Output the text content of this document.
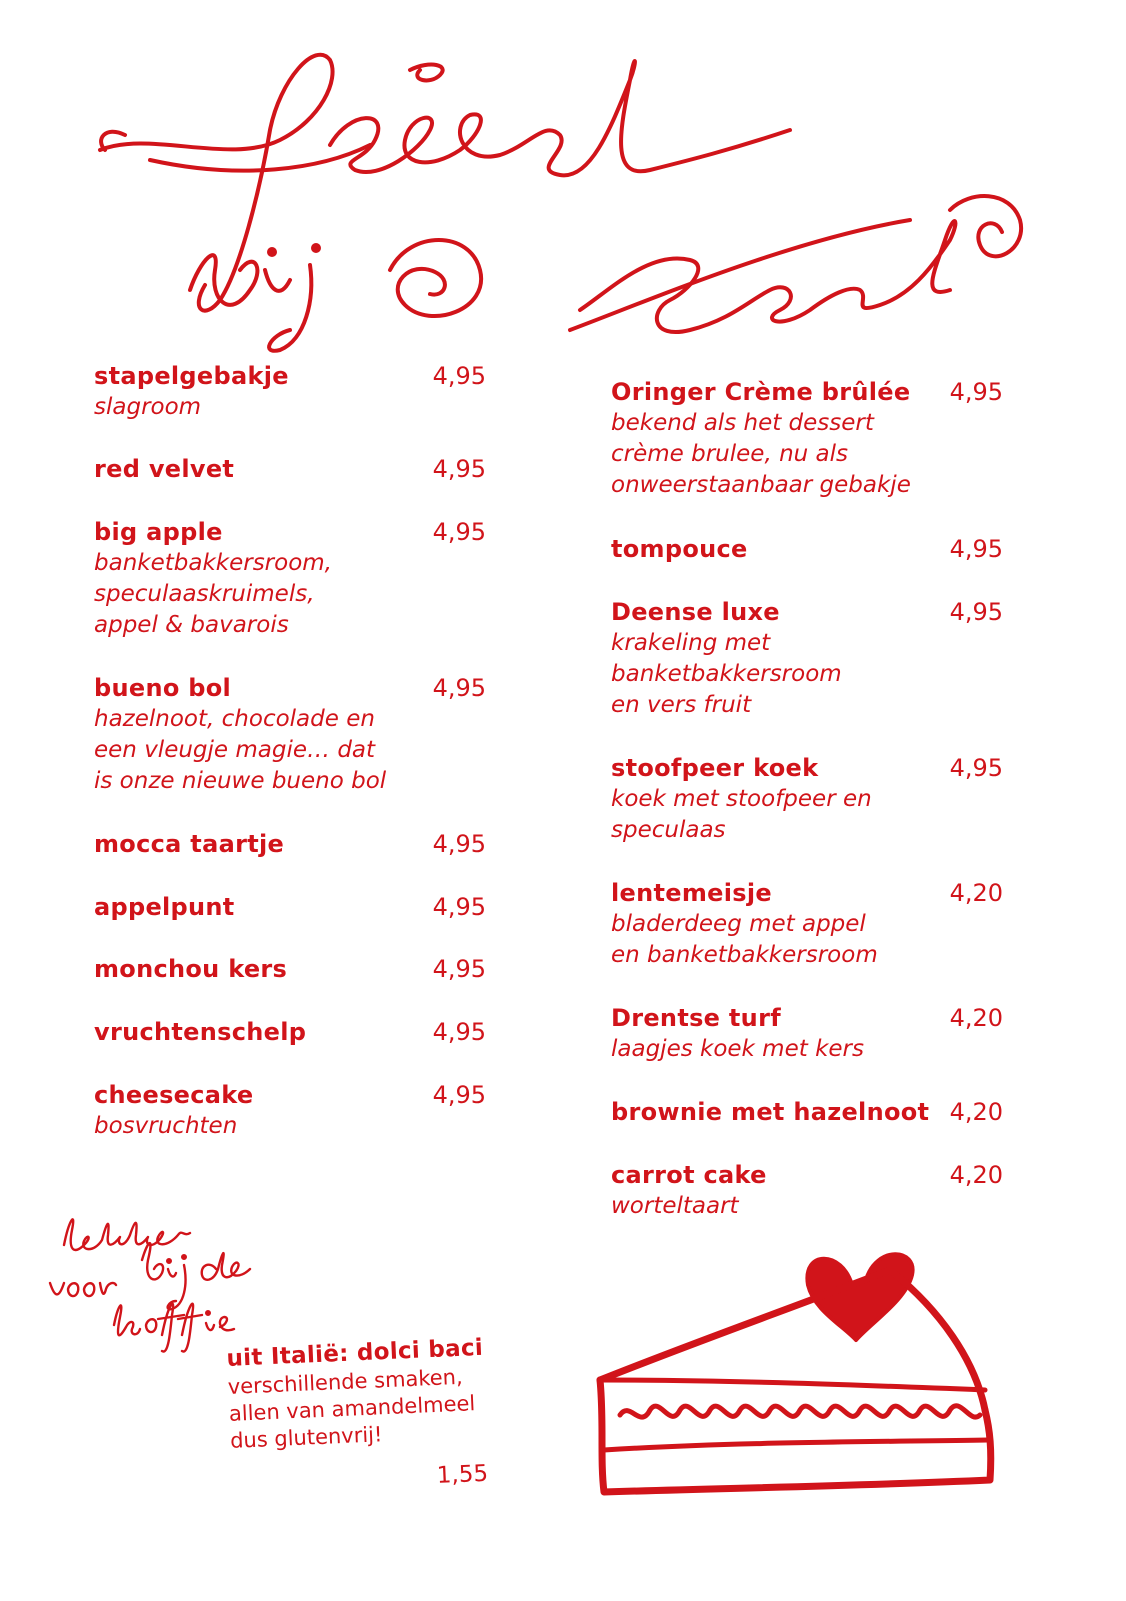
stapelgebakje	4,95
slagroom
red velvet	4,95
big apple	4,95
banketbakkersroom,
speculaaskruimels,
appel & bavarois
bueno bol	4,95
hazelnoot, chocolade en
een vleugje magie… dat
is onze nieuwe bueno bol
mocca taartje	4,95
appelpunt	4,95
monchou kers	4,95
vruchtenschelp	4,95
cheesecake	4,95
bosvruchten
Oringer Crème brûlée 4,95
bekend als het dessert
crème brulee, nu als
onweerstaanbaar gebakje
tompouce	4,95
Deense luxe	4,95
krakeling met
banketbakkersroom
en vers fruit
stoofpeer koek	4,95
koek met stoofpeer en
speculaas
lentemeisje	4,20
bladerdeeg met appel
en banketbakkersroom
Drentse turf	4,20
laagjes koek met kers
brownie met hazelnoot 4,20
carrot cake	4,20
worteltaart
uit Italië: dolci baci
verschillende smaken,
allen van amandelmeel
dus glutenvrij!
1,55
